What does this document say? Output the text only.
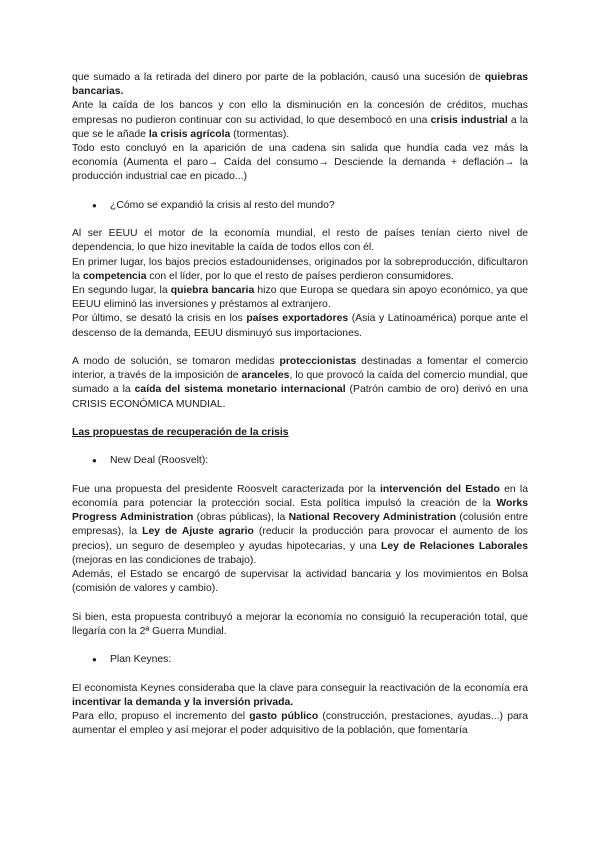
que sumado a la retirada del dinero por parte de la población, causó una sucesión de quiebras bancarias.

Ante la caída de los bancos y con ello la disminución en la concesión de créditos, muchas empresas no pudieron continuar con su actividad, lo que desembocó en una crisis industrial a la que se le añade la crisis agrícola (tormentas).

Todo esto concluyó en la aparición de una cadena sin salida que hundía cada vez más la economía (Aumenta el paro→ Caída del consumo→ Desciende la demanda + deflación→ la producción industrial cae en picado...)

●	¿Cómo se expandió la crisis al resto del mundo?

Al ser EEUU el motor de la economía mundial, el resto de países tenían cierto nivel de dependencia, lo que hizo inevitable la caída de todos ellos con él.

En primer lugar, los bajos precios estadounidenses, originados por la sobreproducción, dificultaron la competencia con el líder, por lo que el resto de países perdieron consumidores.

En segundo lugar, la quiebra bancaria hizo que Europa se quedara sin apoyo económico, ya que EEUU eliminó las inversiones y préstamos al extranjero.

Por último, se desató la crisis en los países exportadores (Asia y Latinoamérica) porque ante el descenso de la demanda, EEUU disminuyó sus importaciones.

A modo de solución, se tomaron medidas proteccionistas destinadas a fomentar el comercio interior, a través de la imposición de aranceles, lo que provocó la caída del comercio mundial, que sumado a la caída del sistema monetario internacional (Patrón cambio de oro) derivó en una CRISIS ECONÓMICA MUNDIAL.

Las propuestas de recuperación de la crisis
●	New Deal (Roosvelt):

Fue una propuesta del presidente Roosvelt caracterizada por la intervención del Estado en la economía para potenciar la protección social. Esta política impulsó la creación de la Works Progress Administration (obras públicas), la National Recovery Administration (colusión entre empresas), la Ley de Ajuste agrario (reducir la producción para provocar el aumento de los precios), un seguro de desempleo y ayudas hipotecarias, y una Ley de Relaciones Laborales (mejoras en las condiciones de trabajo).

Además, el Estado se encargó de supervisar la actividad bancaria y los movimientos en Bolsa (comisión de valores y cambio).

Si bien, esta propuesta contribuyó a mejorar la economía no consiguió la recuperación total, que llegaría con la 2ª Guerra Mundial.

●	Plan Keynes:

El economista Keynes consideraba que la clave para conseguir la reactivación de la economía era incentivar la demanda y la inversión privada.

Para ello, propuso el incremento del gasto público (construcción, prestaciones, ayudas...) para aumentar el empleo y así mejorar el poder adquisitivo de la población, que fomentaría
